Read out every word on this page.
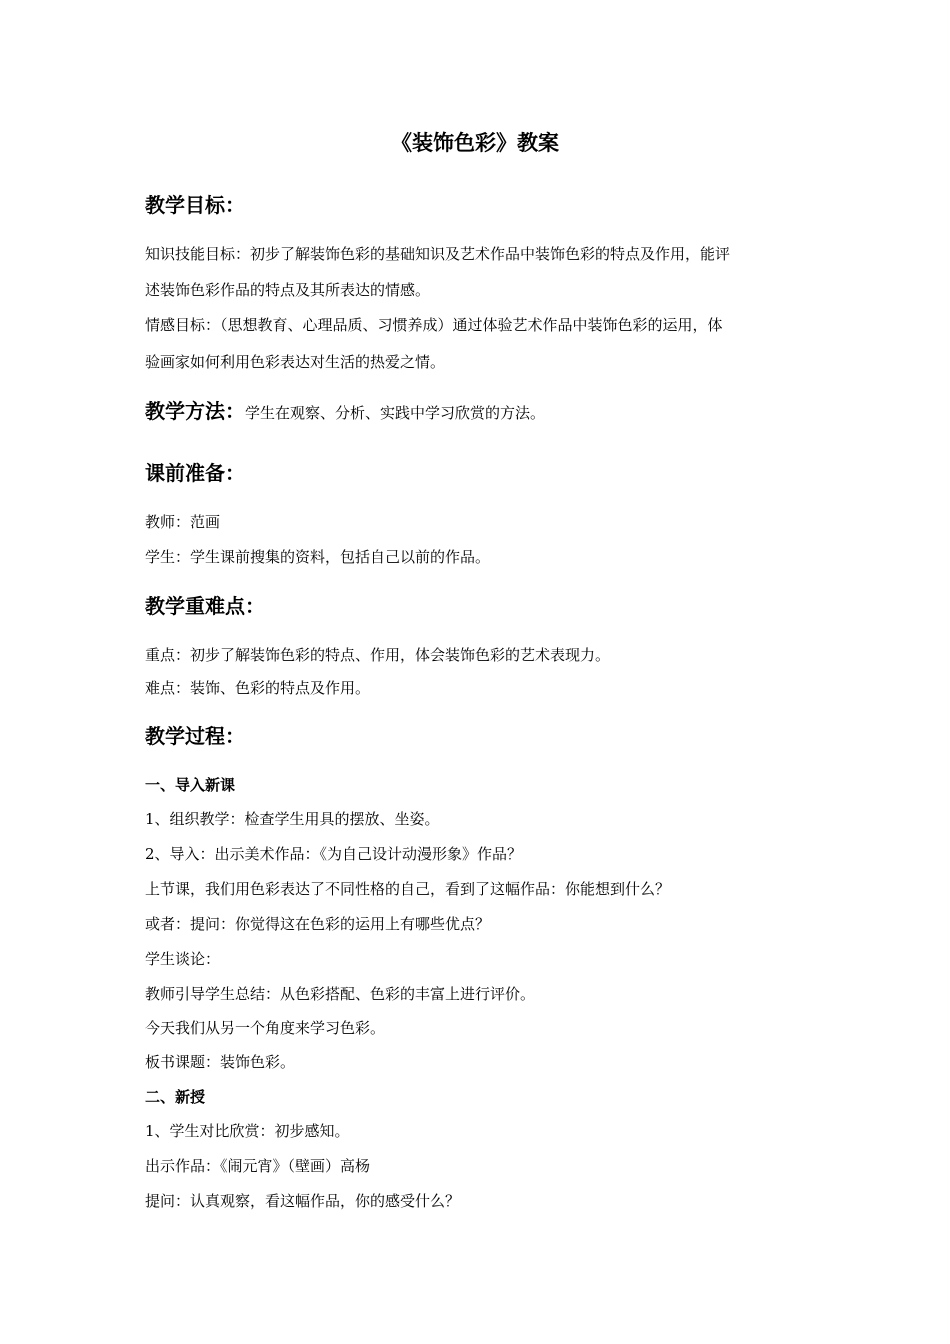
《装饰色彩》教案
教学目标：
知识技能目标：初步了解装饰色彩的基础知识及艺术作品中装饰色彩的特点及作用，能评
述装饰色彩作品的特点及其所表达的情感。
情感目标：（思想教育、心理品质、习惯养成）通过体验艺术作品中装饰色彩的运用，体
验画家如何利用色彩表达对生活的热爱之情。
教学方法：学生在观察、分析、实践中学习欣赏的方法。
课前准备：
教师：范画
学生：学生课前搜集的资料，包括自己以前的作品。
教学重难点：
重点：初步了解装饰色彩的特点、作用，体会装饰色彩的艺术表现力。
难点：装饰、色彩的特点及作用。
教学过程：
一、导入新课
1、组织教学：检查学生用具的摆放、坐姿。
2、导入：出示美术作品：《为自己设计动漫形象》作品？
上节课，我们用色彩表达了不同性格的自己，看到了这幅作品：你能想到什么？
或者：提问：你觉得这在色彩的运用上有哪些优点？
学生谈论：
教师引导学生总结：从色彩搭配、色彩的丰富上进行评价。
今天我们从另一个角度来学习色彩。
板书课题：装饰色彩。
二、新授
1、学生对比欣赏：初步感知。
出示作品：《闹元宵》（壁画）高杨
提问：认真观察，看这幅作品，你的感受什么？
